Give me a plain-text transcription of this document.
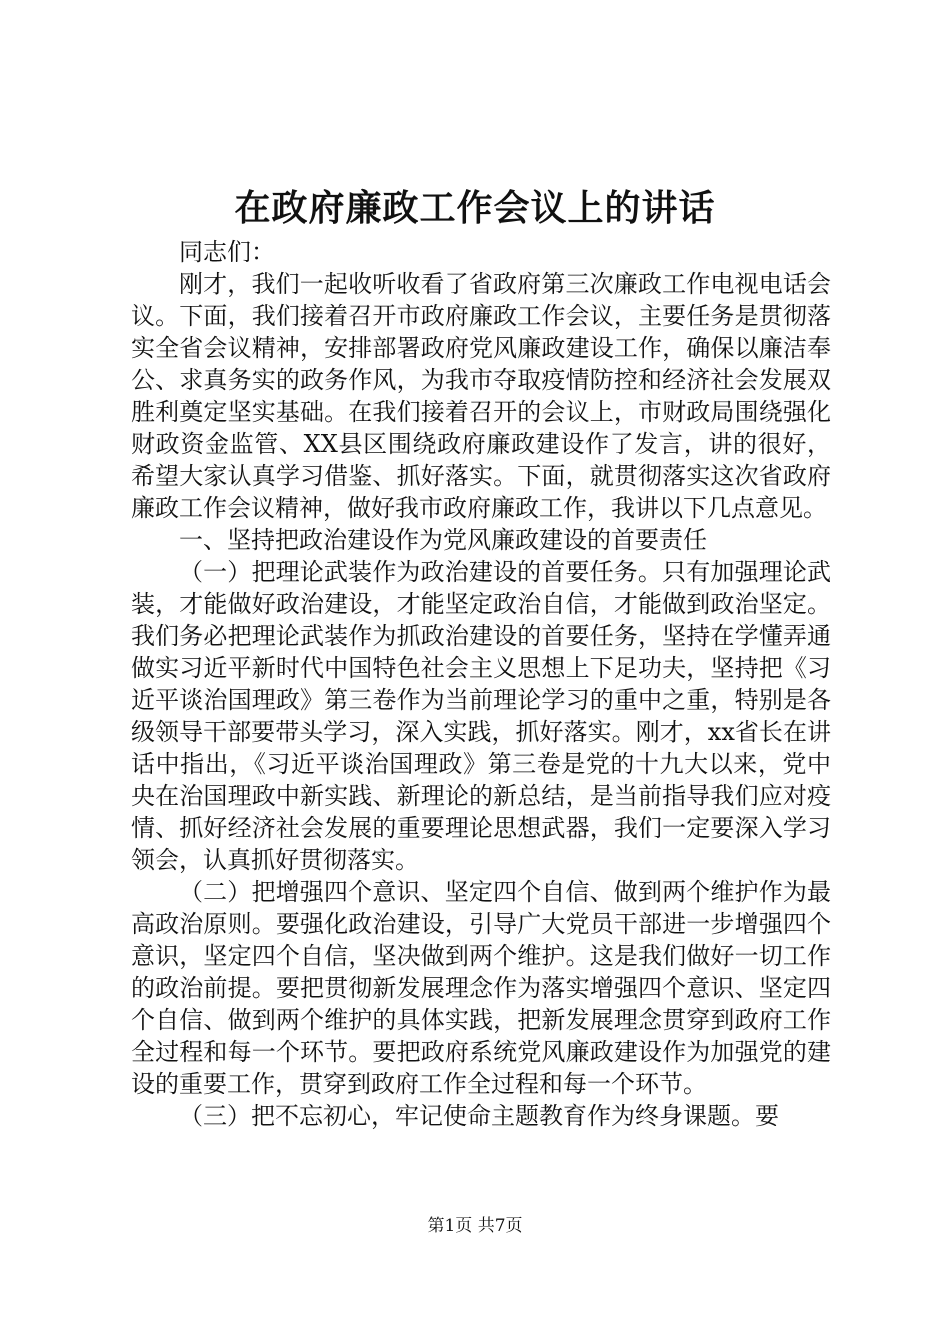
在政府廉政工作会议上的讲话

同志们：

刚才，我们一起收听收看了省政府第三次廉政工作电视电话会议。下面，我们接着召开市政府廉政工作会议，主要任务是贯彻落实全省会议精神，安排部署政府党风廉政建设工作，确保以廉洁奉公、求真务实的政务作风，为我市夺取疫情防控和经济社会发展双胜利奠定坚实基础。在我们接着召开的会议上，市财政局围绕强化财政资金监管、XX县区围绕政府廉政建设作了发言，讲的很好，希望大家认真学习借鉴、抓好落实。下面，就贯彻落实这次省政府廉政工作会议精神，做好我市政府廉政工作，我讲以下几点意见。

一、坚持把政治建设作为党风廉政建设的首要责任

（一）把理论武装作为政治建设的首要任务。只有加强理论武装，才能做好政治建设，才能坚定政治自信，才能做到政治坚定。我们务必把理论武装作为抓政治建设的首要任务，坚持在学懂弄通做实习近平新时代中国特色社会主义思想上下足功夫，坚持把《习近平谈治国理政》第三卷作为当前理论学习的重中之重，特别是各级领导干部要带头学习，深入实践，抓好落实。刚才，xx省长在讲话中指出，《习近平谈治国理政》第三卷是党的十九大以来，党中央在治国理政中新实践、新理论的新总结，是当前指导我们应对疫情、抓好经济社会发展的重要理论思想武器，我们一定要深入学习领会，认真抓好贯彻落实。

（二）把增强四个意识、坚定四个自信、做到两个维护作为最高政治原则。要强化政治建设，引导广大党员干部进一步增强四个意识，坚定四个自信，坚决做到两个维护。这是我们做好一切工作的政治前提。要把贯彻新发展理念作为落实增强四个意识、坚定四个自信、做到两个维护的具体实践，把新发展理念贯穿到政府工作全过程和每一个环节。要把政府系统党风廉政建设作为加强党的建设的重要工作，贯穿到政府工作全过程和每一个环节。

（三）把不忘初心，牢记使命主题教育作为终身课题。要

第1页 共7页
